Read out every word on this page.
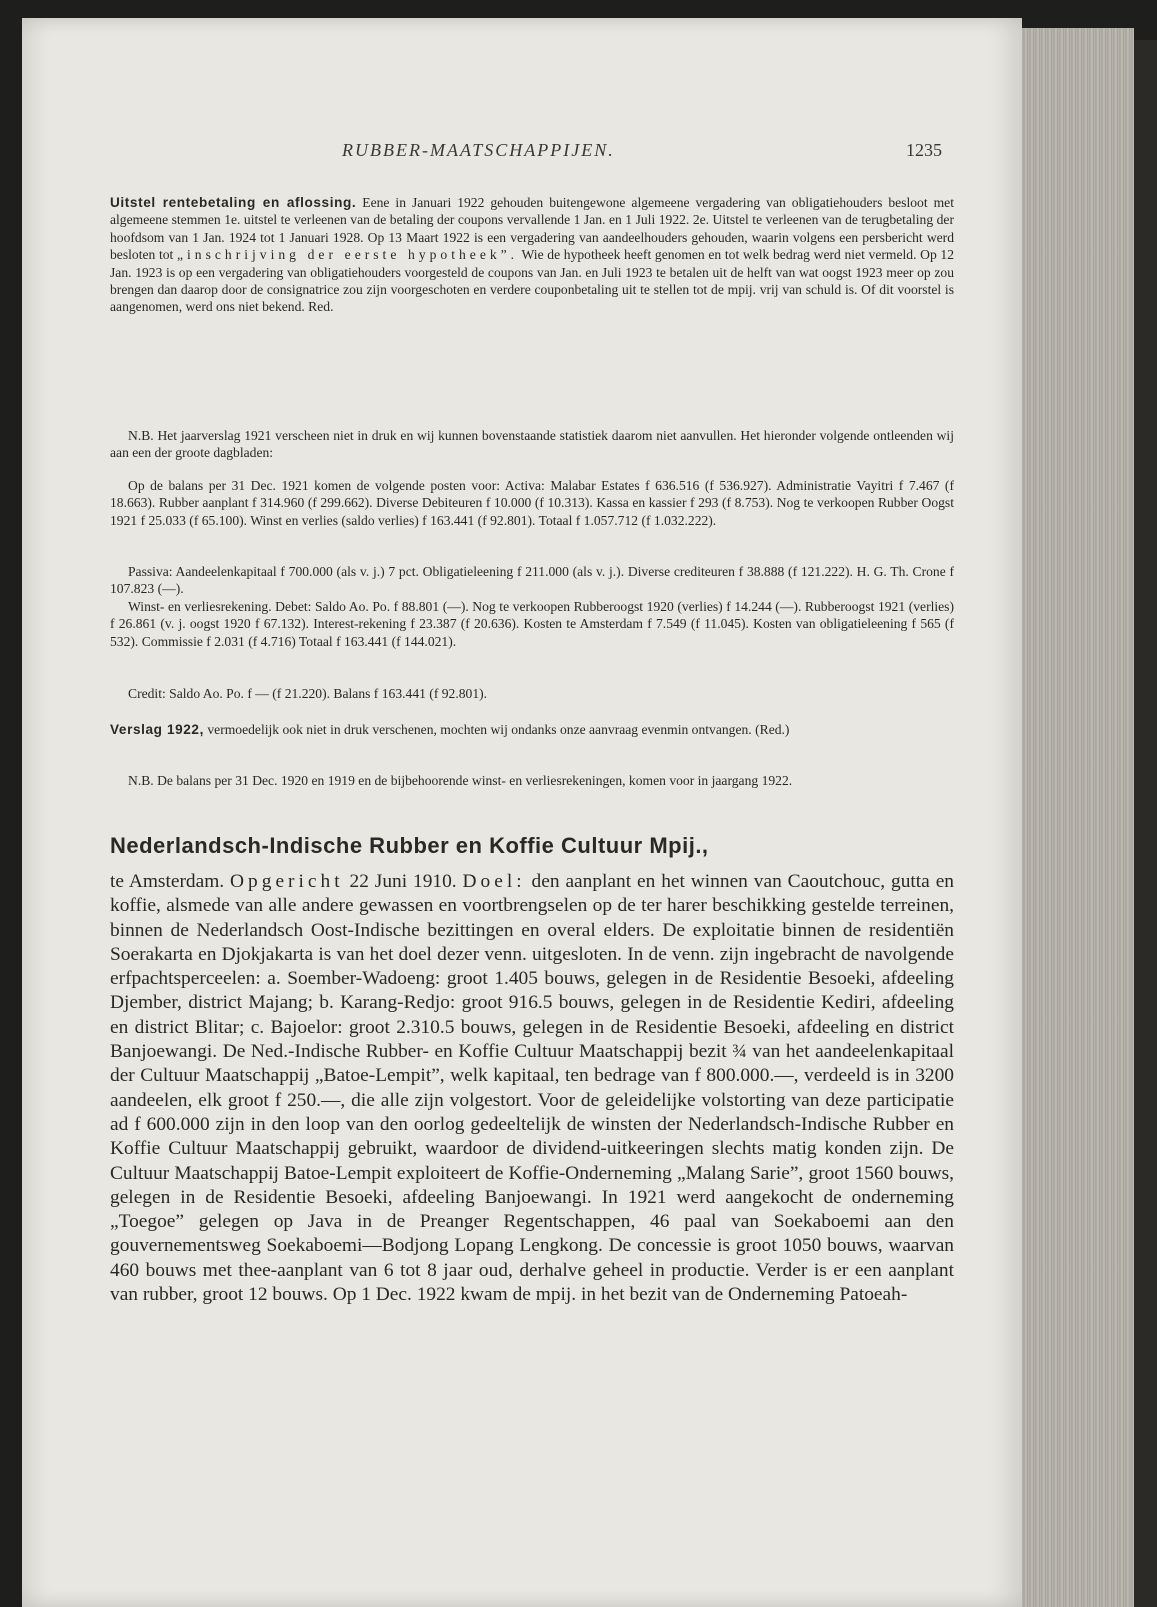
RUBBER-MAATSCHAPPIJEN.	1235

Uitstel rentebetaling en aflossing. Eene in Januari 1922 gehouden buitengewone algemeene vergadering van obligatiehouders besloot met algemeene stemmen 1e. uitstel te verleenen van de betaling der coupons vervallende 1 Jan. en 1 Juli 1922. 2e. Uitstel te verleenen van de terugbetaling der hoofdsom van 1 Jan. 1924 tot 1 Januari 1928. Op 13 Maart 1922 is een vergadering van aandeelhouders gehouden, waarin volgens een persbericht werd besloten tot „inschrijving der eerste hypotheek”. Wie de hypotheek heeft genomen en tot welk bedrag werd niet vermeld. Op 12 Jan. 1923 is op een vergadering van obligatiehouders voorgesteld de coupons van Jan. en Juli 1923 te betalen uit de helft van wat oogst 1923 meer op zou brengen dan daarop door de consignatrice zou zijn voorgeschoten en verdere couponbetaling uit te stellen tot de mpij. vrij van schuld is. Of dit voorstel is aangenomen, werd ons niet bekend. Red.

N.B. Het jaarverslag 1921 verscheen niet in druk en wij kunnen bovenstaande statistiek daarom niet aanvullen. Het hieronder volgende ontleenden wij aan een der groote dagbladen:

Op de balans per 31 Dec. 1921 komen de volgende posten voor: Activa: Malabar Estates f 636.516 (f 536.927). Administratie Vayitri f 7.467 (f 18.663). Rubber aanplant f 314.960 (f 299.662). Diverse Debiteuren f 10.000 (f 10.313). Kassa en kassier f 293 (f 8.753). Nog te verkoopen Rubber Oogst 1921 f 25.033 (f 65.100). Winst en verlies (saldo verlies) f 163.441 (f 92.801). Totaal f 1.057.712 (f 1.032.222).

Passiva: Aandeelenkapitaal f 700.000 (als v. j.) 7 pct. Obligatieleening f 211.000 (als v. j.). Diverse crediteuren f 38.888 (f 121.222). H. G. Th. Crone f 107.823 (—).

Winst- en verliesrekening. Debet: Saldo Ao. Po. f 88.801 (—). Nog te verkoopen Rubberoogst 1920 (verlies) f 14.244 (—). Rubberoogst 1921 (verlies) f 26.861 (v. j. oogst 1920 f 67.132). Interest-rekening f 23.387 (f 20.636). Kosten te Amsterdam f 7.549 (f 11.045). Kosten van obligatieleening f 565 (f 532). Commissie f 2.031 (f 4.716) Totaal f 163.441 (f 144.021).

Credit: Saldo Ao. Po. f — (f 21.220). Balans f 163.441 (f 92.801).

Verslag 1922, vermoedelijk ook niet in druk verschenen, mochten wij ondanks onze aanvraag evenmin ontvangen. (Red.)

N.B. De balans per 31 Dec. 1920 en 1919 en de bijbehoorende winst- en verliesrekeningen, komen voor in jaargang 1922.

Nederlandsch-Indische Rubber en Koffie Cultuur Mpij.,

te Amsterdam. Opgericht 22 Juni 1910. Doel: den aanplant en het winnen van Caoutchouc, gutta en koffie, alsmede van alle andere gewassen en voortbrengselen op de ter harer beschikking gestelde terreinen, binnen de Nederlandsch Oost-Indische bezittingen en overal elders. De exploitatie binnen de residentiën Soerakarta en Djokjakarta is van het doel dezer venn. uitgesloten. In de venn. zijn ingebracht de navolgende erfpachtsperceelen: a. Soember-Wadoeng: groot 1.405 bouws, gelegen in de Residentie Besoeki, afdeeling Djember, district Majang; b. Karang-Redjo: groot 916.5 bouws, gelegen in de Residentie Kediri, afdeeling en district Blitar; c. Bajoelor: groot 2.310.5 bouws, gelegen in de Residentie Besoeki, afdeeling en district Banjoewangi. De Ned.-Indische Rubber- en Koffie Cultuur Maatschappij bezit ¾ van het aandeelenkapitaal der Cultuur Maatschappij „Batoe-Lempit”, welk kapitaal, ten bedrage van f 800.000.—, verdeeld is in 3200 aandeelen, elk groot f 250.—, die alle zijn volgestort. Voor de geleidelijke volstorting van deze participatie ad f 600.000 zijn in den loop van den oorlog gedeeltelijk de winsten der Nederlandsch-Indische Rubber en Koffie Cultuur Maatschappij gebruikt, waardoor de dividend-uitkeeringen slechts matig konden zijn. De Cultuur Maatschappij Batoe-Lempit exploiteert de Koffie-Onderneming „Malang Sarie”, groot 1560 bouws, gelegen in de Residentie Besoeki, afdeeling Banjoewangi. In 1921 werd aangekocht de onderneming „Toegoe” gelegen op Java in de Preanger Regentschappen, 46 paal van Soekaboemi aan den gouvernementsweg Soekaboemi—Bodjong Lopang Lengkong. De concessie is groot 1050 bouws, waarvan 460 bouws met thee-aanplant van 6 tot 8 jaar oud, derhalve geheel in productie. Verder is er een aanplant van rubber, groot 12 bouws. Op 1 Dec. 1922 kwam de mpij. in het bezit van de Onderneming Patoeah-
